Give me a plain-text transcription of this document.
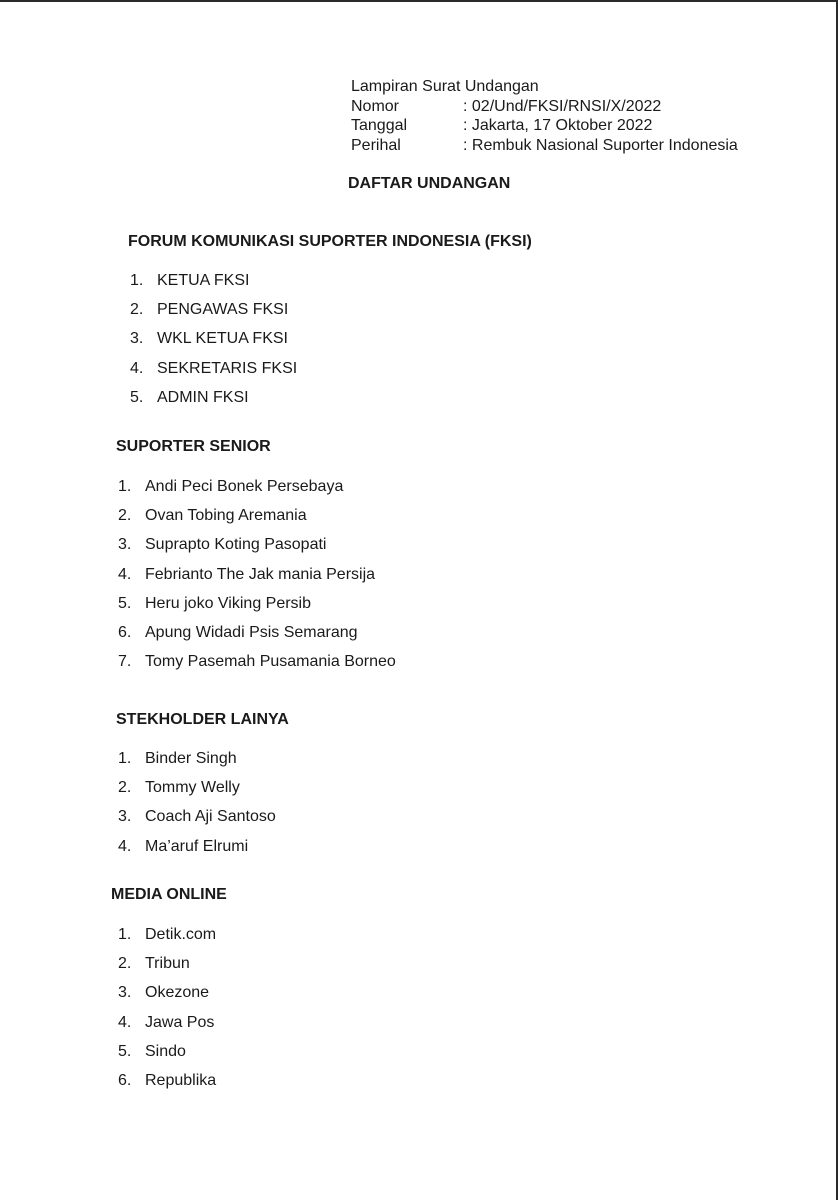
Lampiran Surat Undangan
Nomor	: 02/Und/FKSI/RNSI/X/2022
Tanggal	: Jakarta, 17 Oktober 2022
Perihal	: Rembuk Nasional Suporter Indonesia
DAFTAR UNDANGAN
FORUM KOMUNIKASI SUPORTER INDONESIA (FKSI)
1. KETUA FKSI
2. PENGAWAS FKSI
3. WKL KETUA FKSI
4. SEKRETARIS FKSI
5. ADMIN FKSI
SUPORTER SENIOR
1. Andi Peci Bonek Persebaya
2. Ovan Tobing Aremania
3. Suprapto Koting Pasopati
4. Febrianto The Jak mania Persija
5. Heru joko Viking Persib
6. Apung Widadi Psis Semarang
7. Tomy Pasemah Pusamania Borneo
STEKHOLDER LAINYA
1. Binder Singh
2. Tommy Welly
3. Coach Aji Santoso
4. Ma’aruf Elrumi
MEDIA ONLINE
1. Detik.com
2. Tribun
3. Okezone
4. Jawa Pos
5. Sindo
6. Republika
